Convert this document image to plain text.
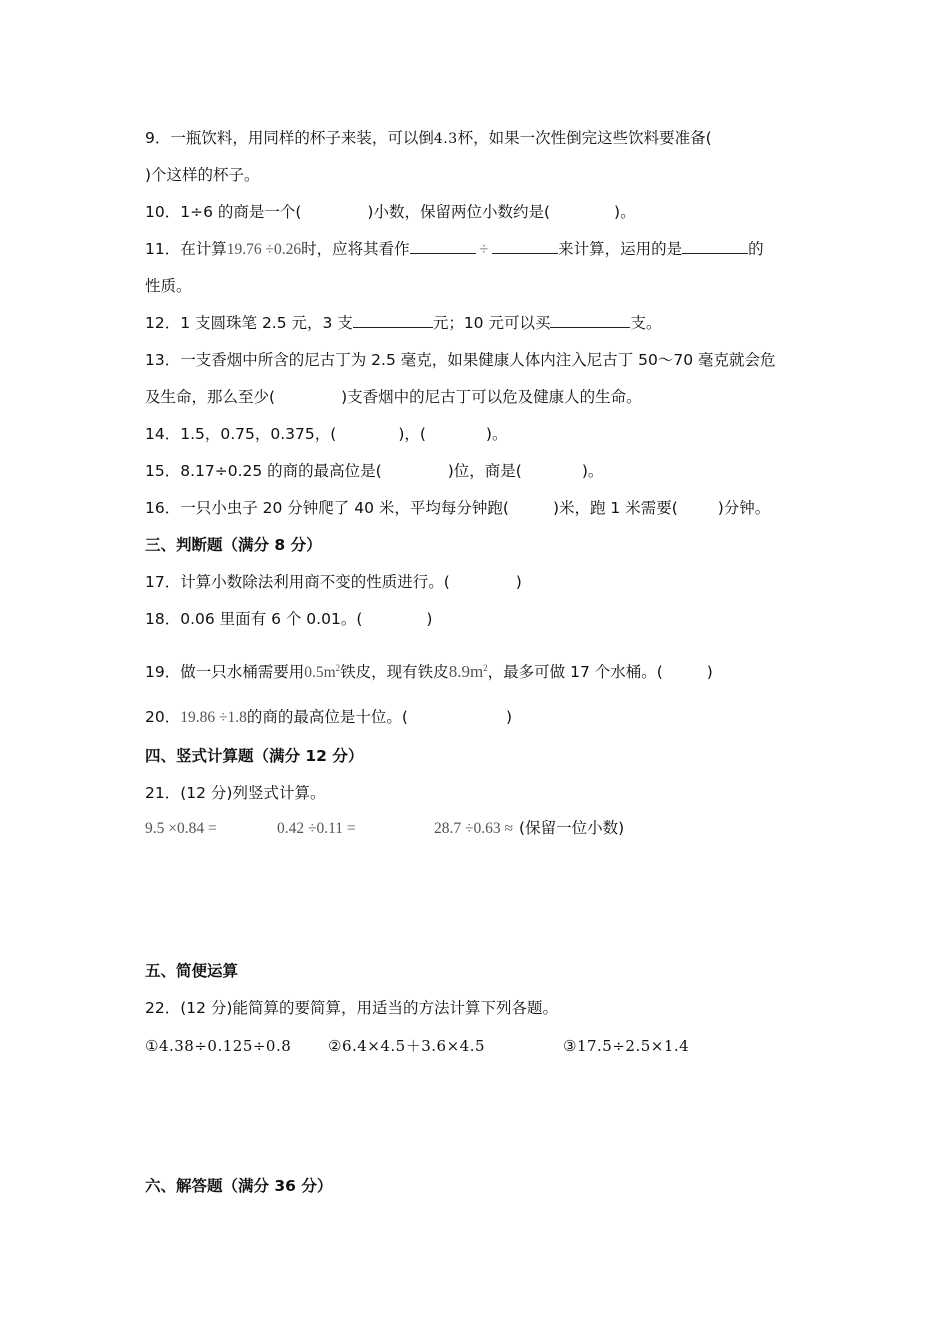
9．一瓶饮料，用同样的杯子来装，可以倒4.3杯，如果一次性倒完这些饮料要准备(
)个这样的杯子。
10．1÷6 的商是一个(	)小数，保留两位小数约是(	)。
11．在计算19.76 ÷0.26时，应将其看作	÷	来计算，运用的是	的
性质。
12．1 支圆珠笔 2.5 元，3 支	元；10 元可以买	支。
13．一支香烟中所含的尼古丁为 2.5 毫克，如果健康人体内注入尼古丁 50～70 毫克就会危
及生命，那么至少(	)支香烟中的尼古丁可以危及健康人的生命。
14．1.5，0.75，0.375，(	)，(	)。
15．8.17÷0.25 的商的最高位是(	)位，商是(	)。
16．一只小虫子 20 分钟爬了 40 米，平均每分钟跑(	)米，跑 1 米需要(	)分钟。
三、判断题（满分 8 分）
17．计算小数除法利用商不变的性质进行。(	)
18．0.06 里面有 6 个 0.01。(	)
19．做一只水桶需要用$0.5m^2$铁皮，现有铁皮$8.9m^2$，最多可做 17 个水桶。(	)
20．19.86 ÷1.8的商的最高位是十位。(	)
四、竖式计算题（满分 12 分）
21．(12 分)列竖式计算。
9.5 ×0.84 =	0.42 ÷0.11 =	28.7 ÷0.63 ≈ (保留一位小数)
五、简便运算
22．(12 分)能简算的要简算，用适当的方法计算下列各题。
①4.38÷0.125÷0.8 ②6.4×4.5＋3.6×4.5	③17.5÷2.5×1.4
六、解答题（满分 36 分）
